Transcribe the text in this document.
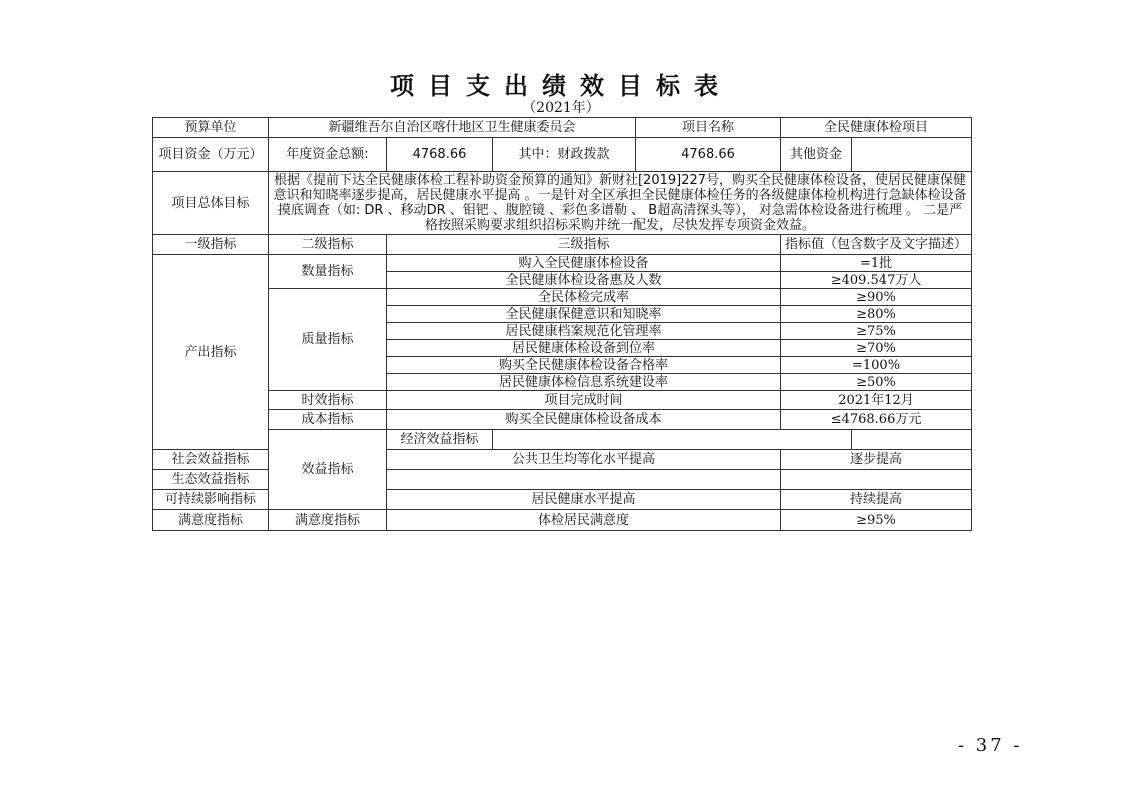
项目支出绩效目标表
（2021年）
预算单位	新疆维吾尔自治区喀什地区卫生健康委员会			项目名称	全民健康体检项目	
项目资金（万元）	年度资金总额:	4768.66	其中：财政拨款	4768.66	其他资金	
项目总体目标	根据《提前下达全民健康体检工程补助资金预算的通知》新财社[2019]227号，购买全民健康体检设备，使居民健康保健意识和知晓率逐步提高，居民健康水平提高 。一是针对全区承担全民健康体检任务的各级健康体检机构进行急缺体检设备摸底调查（如: DR 、移动DR 、钼钯 、腹腔镜 、彩色多谱勒 、 B超高清探头等）， 对急需体检设备进行梳理 。 二是严格按照采购要求组织招标采购并统一配发，尽快发挥专项资金效益。					
一级指标	二级指标	三级指标			指标值（包含数字及文字描述）	
产出指标	数量指标	购入全民健康体检设备			=1批	
		全民健康体检设备惠及人数			≥409.547万人	
	质量指标	全民体检完成率			≥90%	
		全民健康保健意识和知晓率			≥80%	
		居民健康档案规范化管理率			≥75%	
		居民健康体检设备到位率			≥70%	
		购买全民健康体检设备合格率			=100%	
		居民健康体检信息系统建设率			≥50%	
	时效指标	项目完成时间			2021年12月	
	成本指标	购买全民健康体检设备成本			≤4768.66万元	
	效益指标	经济效益指标				
社会效益指标		公共卫生均等化水平提高			逐步提高	
生态效益指标						
可持续影响指标		居民健康水平提高			持续提高	
满意度指标	满意度指标	体检居民满意度			≥95%	
- 37 -
